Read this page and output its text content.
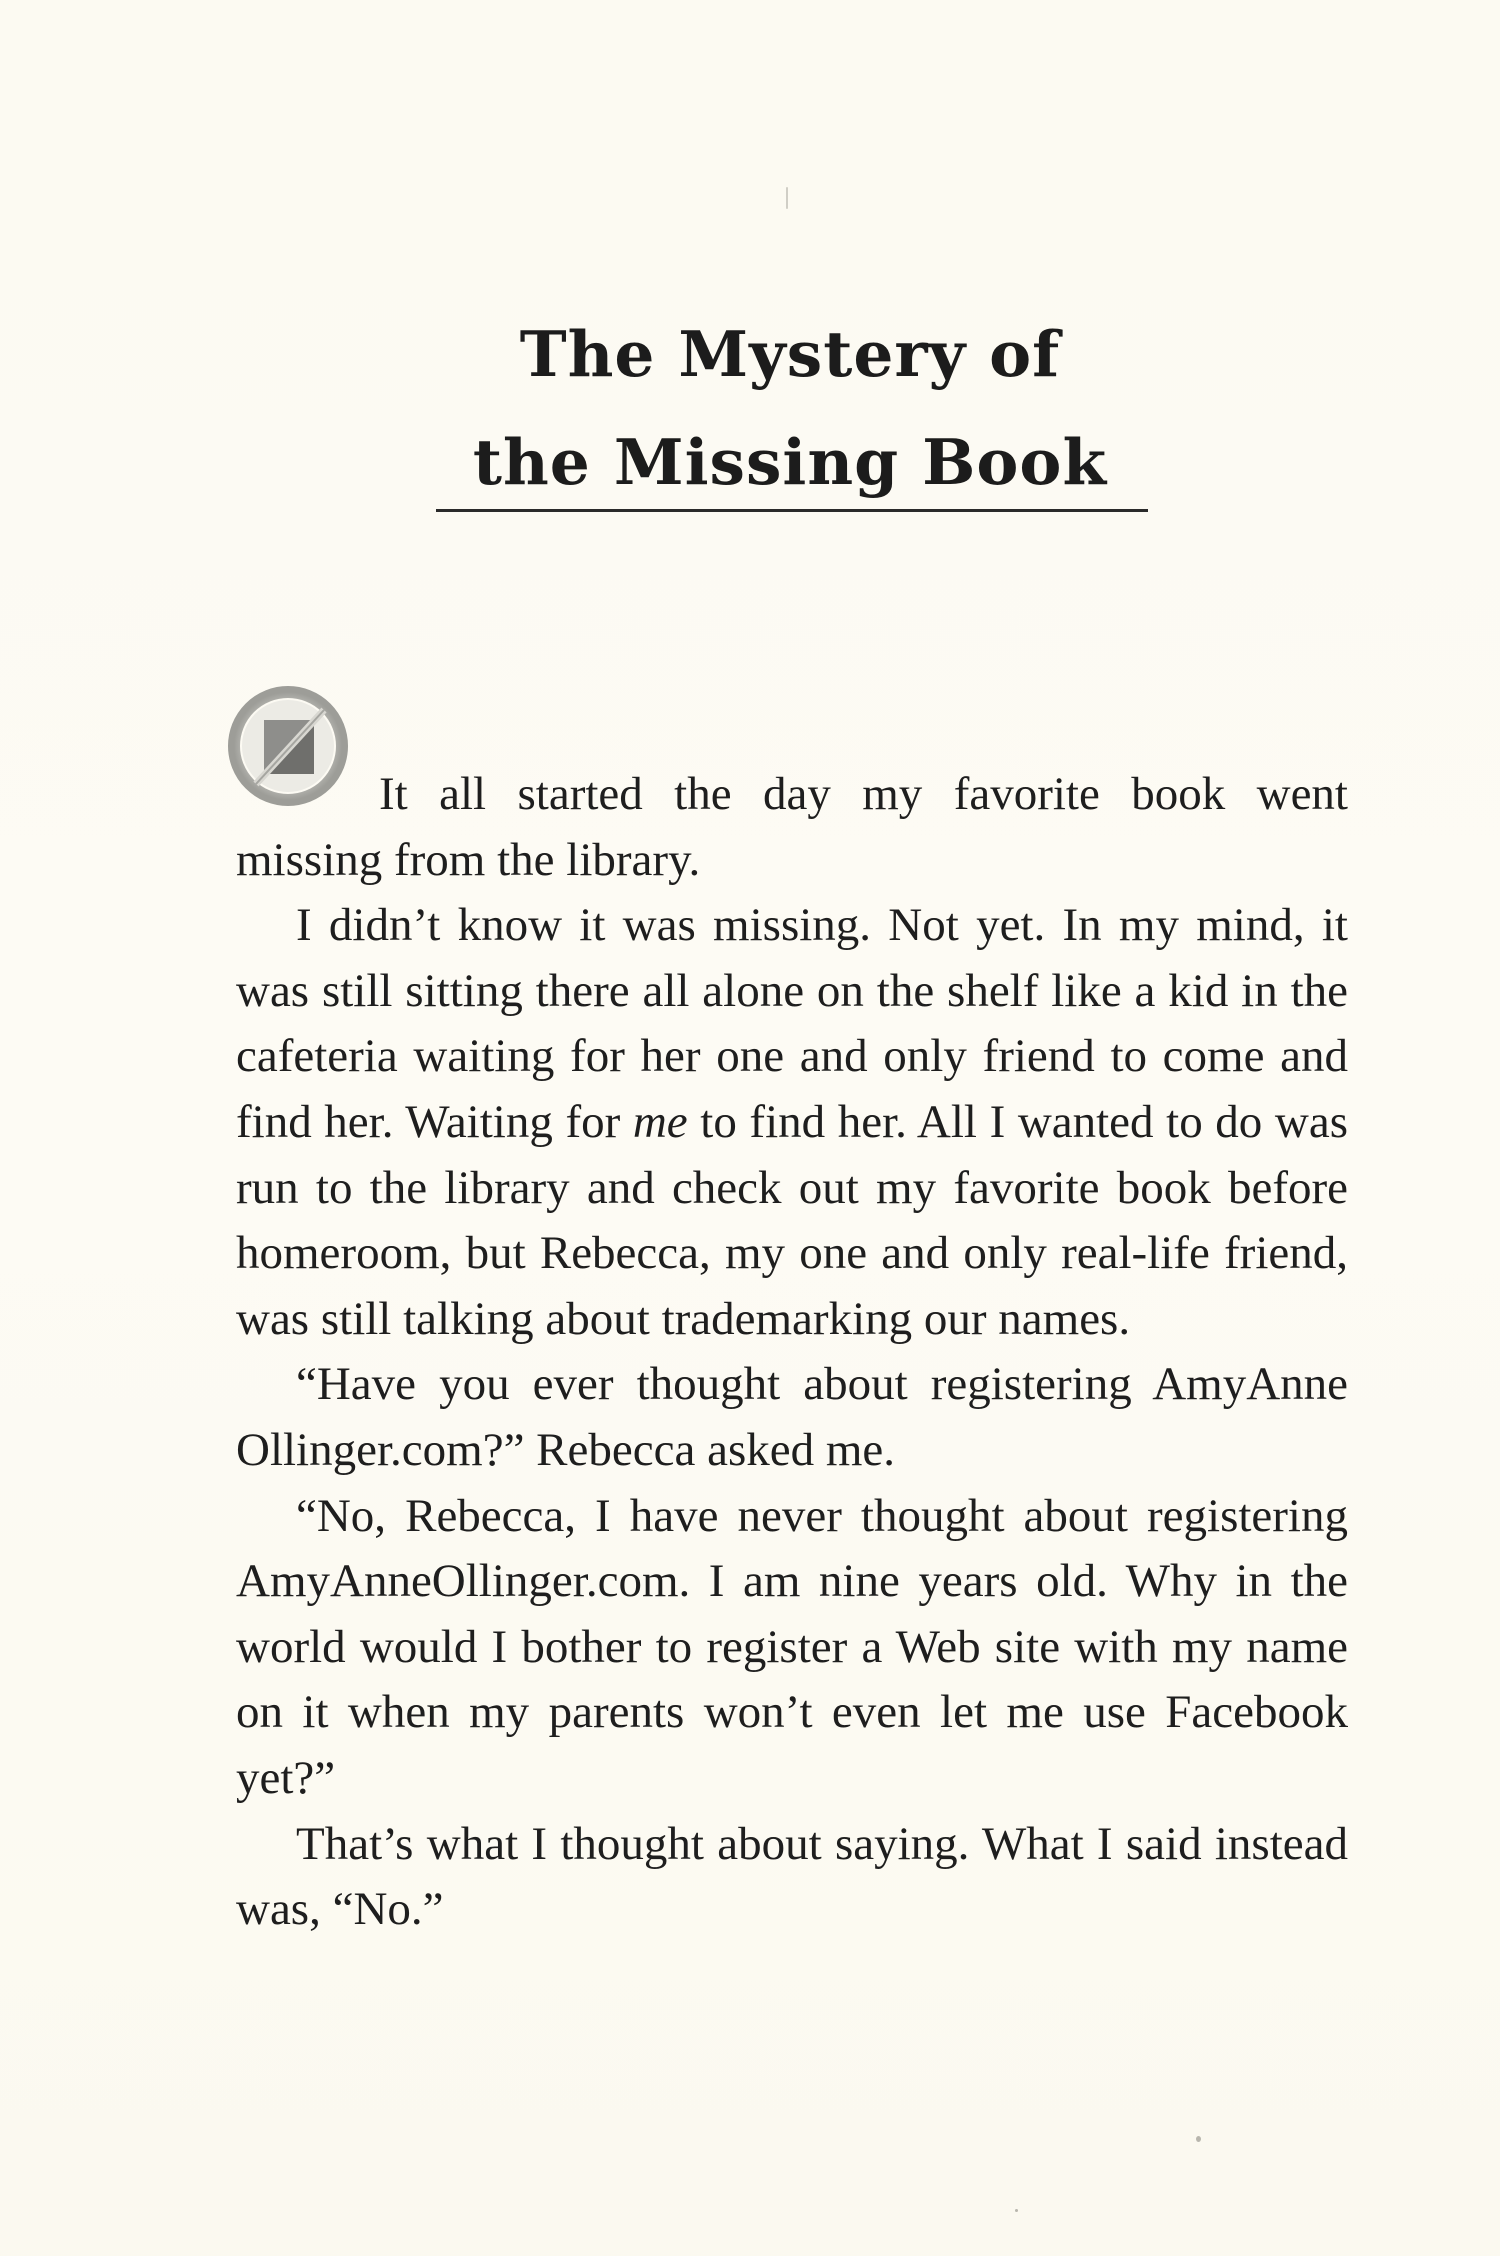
The Mystery of
the Missing Book

It all started the day my favorite book went missing from the library.

I didn’t know it was missing. Not yet. In my mind, it was still sitting there all alone on the shelf like a kid in the cafeteria waiting for her one and only friend to come and find her. Waiting for me to find her. All I wanted to do was run to the library and check out my favorite book before homeroom, but Rebecca, my one and only real-life friend, was still talking about trademarking our names.

“Have you ever thought about registering AmyAnne Ollinger.com?” Rebecca asked me.

“No, Rebecca, I have never thought about registering AmyAnneOllinger.com. I am nine years old. Why in the world would I bother to register a Web site with my name on it when my parents won’t even let me use Facebook yet?”

That’s what I thought about saying. What I said instead was, “No.”
